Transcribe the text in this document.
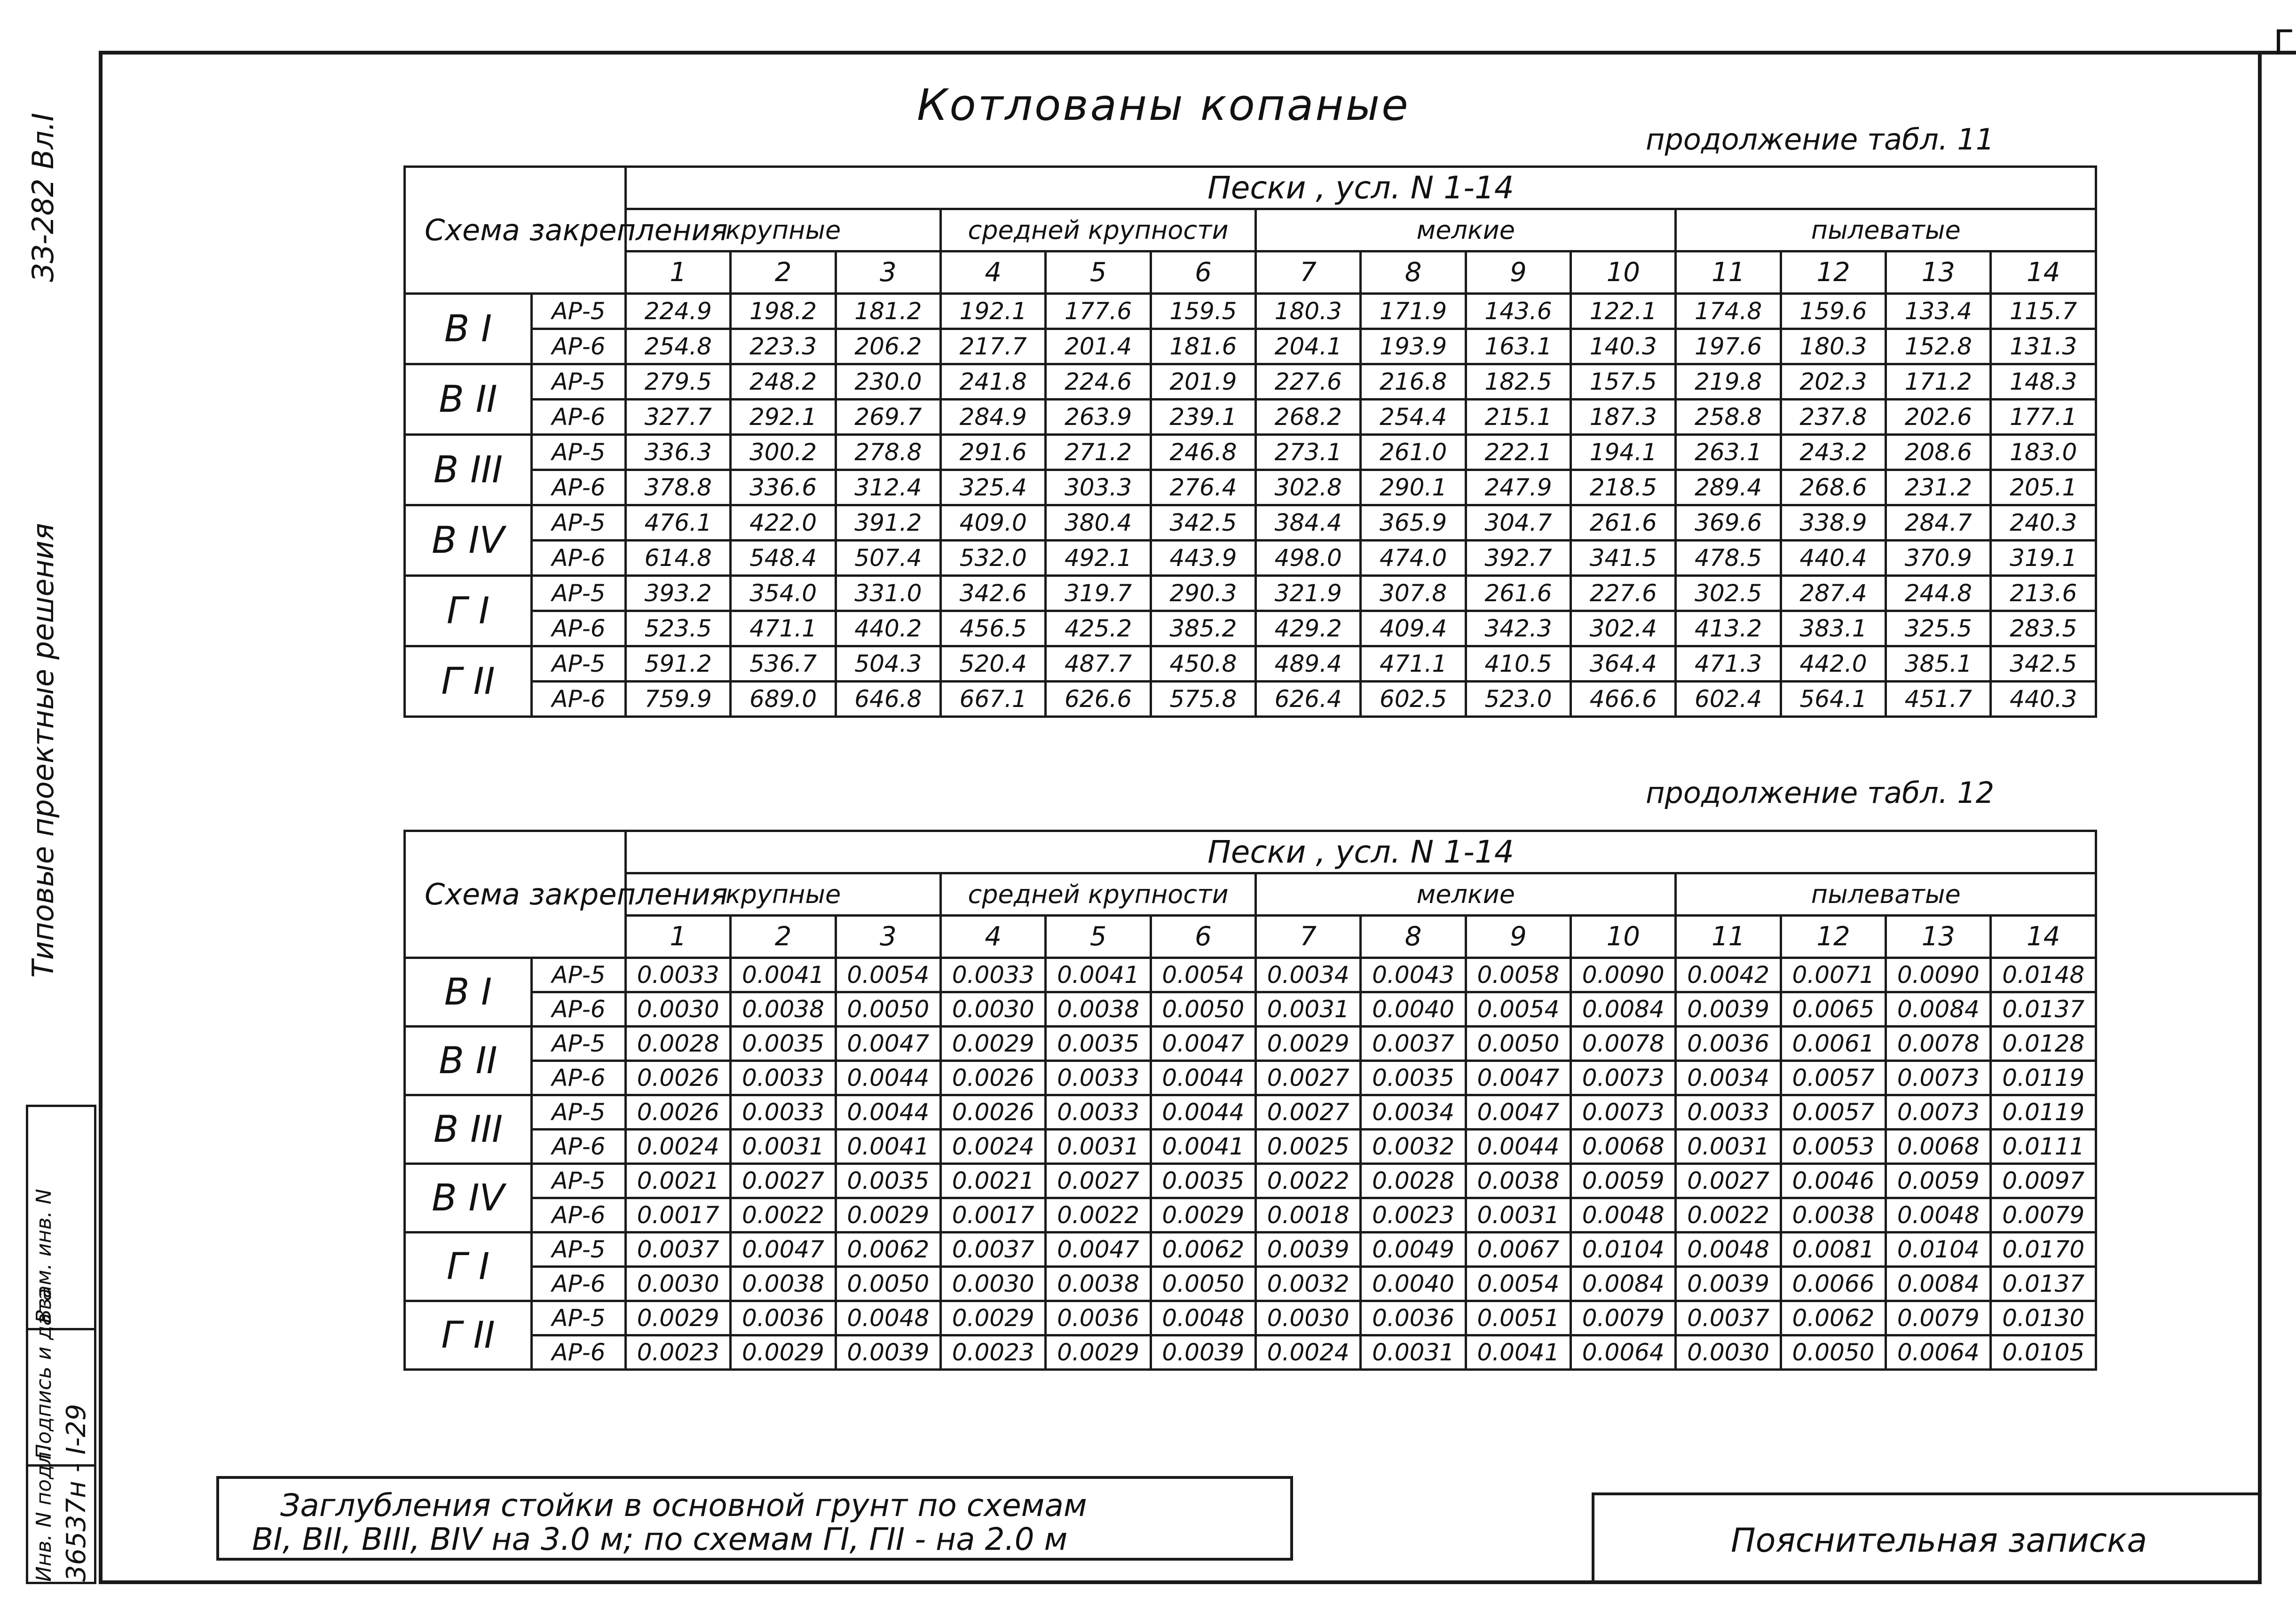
Г
ЗЗ-282 Вл.I
Типовые проектные решения
Взам. инв. N
Подпись и дата
Инв. N подл. 36537н - I-29
Котлованы копаные
продолжение табл. 11
продолжение табл. 12
Схема закрепления		Пески , усл. N 1-14													
		крупные			средней крупности			мелкие				пылеватые			
		1	2	3	4	5	6	7	8	9	10	11	12	13	14
В I	АР-5	224.9	198.2	181.2	192.1	177.6	159.5	180.3	171.9	143.6	122.1	174.8	159.6	133.4	115.7
	АР-6	254.8	223.3	206.2	217.7	201.4	181.6	204.1	193.9	163.1	140.3	197.6	180.3	152.8	131.3
В II	АР-5	279.5	248.2	230.0	241.8	224.6	201.9	227.6	216.8	182.5	157.5	219.8	202.3	171.2	148.3
	АР-6	327.7	292.1	269.7	284.9	263.9	239.1	268.2	254.4	215.1	187.3	258.8	237.8	202.6	177.1
В III	АР-5	336.3	300.2	278.8	291.6	271.2	246.8	273.1	261.0	222.1	194.1	263.1	243.2	208.6	183.0
	АР-6	378.8	336.6	312.4	325.4	303.3	276.4	302.8	290.1	247.9	218.5	289.4	268.6	231.2	205.1
В IV	АР-5	476.1	422.0	391.2	409.0	380.4	342.5	384.4	365.9	304.7	261.6	369.6	338.9	284.7	240.3
	АР-6	614.8	548.4	507.4	532.0	492.1	443.9	498.0	474.0	392.7	341.5	478.5	440.4	370.9	319.1
Г I	АР-5	393.2	354.0	331.0	342.6	319.7	290.3	321.9	307.8	261.6	227.6	302.5	287.4	244.8	213.6
	АР-6	523.5	471.1	440.2	456.5	425.2	385.2	429.2	409.4	342.3	302.4	413.2	383.1	325.5	283.5
Г II	АР-5	591.2	536.7	504.3	520.4	487.7	450.8	489.4	471.1	410.5	364.4	471.3	442.0	385.1	342.5
	АР-6	759.9	689.0	646.8	667.1	626.6	575.8	626.4	602.5	523.0	466.6	602.4	564.1	451.7	440.3
Схема закрепления		Пески , усл. N 1-14													
		крупные			средней крупности			мелкие				пылеватые			
		1	2	3	4	5	6	7	8	9	10	11	12	13	14
В I	АР-5	0.0033	0.0041	0.0054	0.0033	0.0041	0.0054	0.0034	0.0043	0.0058	0.0090	0.0042	0.0071	0.0090	0.0148
	АР-6	0.0030	0.0038	0.0050	0.0030	0.0038	0.0050	0.0031	0.0040	0.0054	0.0084	0.0039	0.0065	0.0084	0.0137
В II	АР-5	0.0028	0.0035	0.0047	0.0029	0.0035	0.0047	0.0029	0.0037	0.0050	0.0078	0.0036	0.0061	0.0078	0.0128
	АР-6	0.0026	0.0033	0.0044	0.0026	0.0033	0.0044	0.0027	0.0035	0.0047	0.0073	0.0034	0.0057	0.0073	0.0119
В III	АР-5	0.0026	0.0033	0.0044	0.0026	0.0033	0.0044	0.0027	0.0034	0.0047	0.0073	0.0033	0.0057	0.0073	0.0119
	АР-6	0.0024	0.0031	0.0041	0.0024	0.0031	0.0041	0.0025	0.0032	0.0044	0.0068	0.0031	0.0053	0.0068	0.0111
В IV	АР-5	0.0021	0.0027	0.0035	0.0021	0.0027	0.0035	0.0022	0.0028	0.0038	0.0059	0.0027	0.0046	0.0059	0.0097
	АР-6	0.0017	0.0022	0.0029	0.0017	0.0022	0.0029	0.0018	0.0023	0.0031	0.0048	0.0022	0.0038	0.0048	0.0079
Г I	АР-5	0.0037	0.0047	0.0062	0.0037	0.0047	0.0062	0.0039	0.0049	0.0067	0.0104	0.0048	0.0081	0.0104	0.0170
	АР-6	0.0030	0.0038	0.0050	0.0030	0.0038	0.0050	0.0032	0.0040	0.0054	0.0084	0.0039	0.0066	0.0084	0.0137
Г II	АР-5	0.0029	0.0036	0.0048	0.0029	0.0036	0.0048	0.0030	0.0036	0.0051	0.0079	0.0037	0.0062	0.0079	0.0130
	АР-6	0.0023	0.0029	0.0039	0.0023	0.0029	0.0039	0.0024	0.0031	0.0041	0.0064	0.0030	0.0050	0.0064	0.0105
Заглубления стойки в основной грунт по схемам
ВI, ВII, ВIII, ВIV на 3.0 м; по схемам ГI, ГII - на 2.0 м	Пояснительная записка
